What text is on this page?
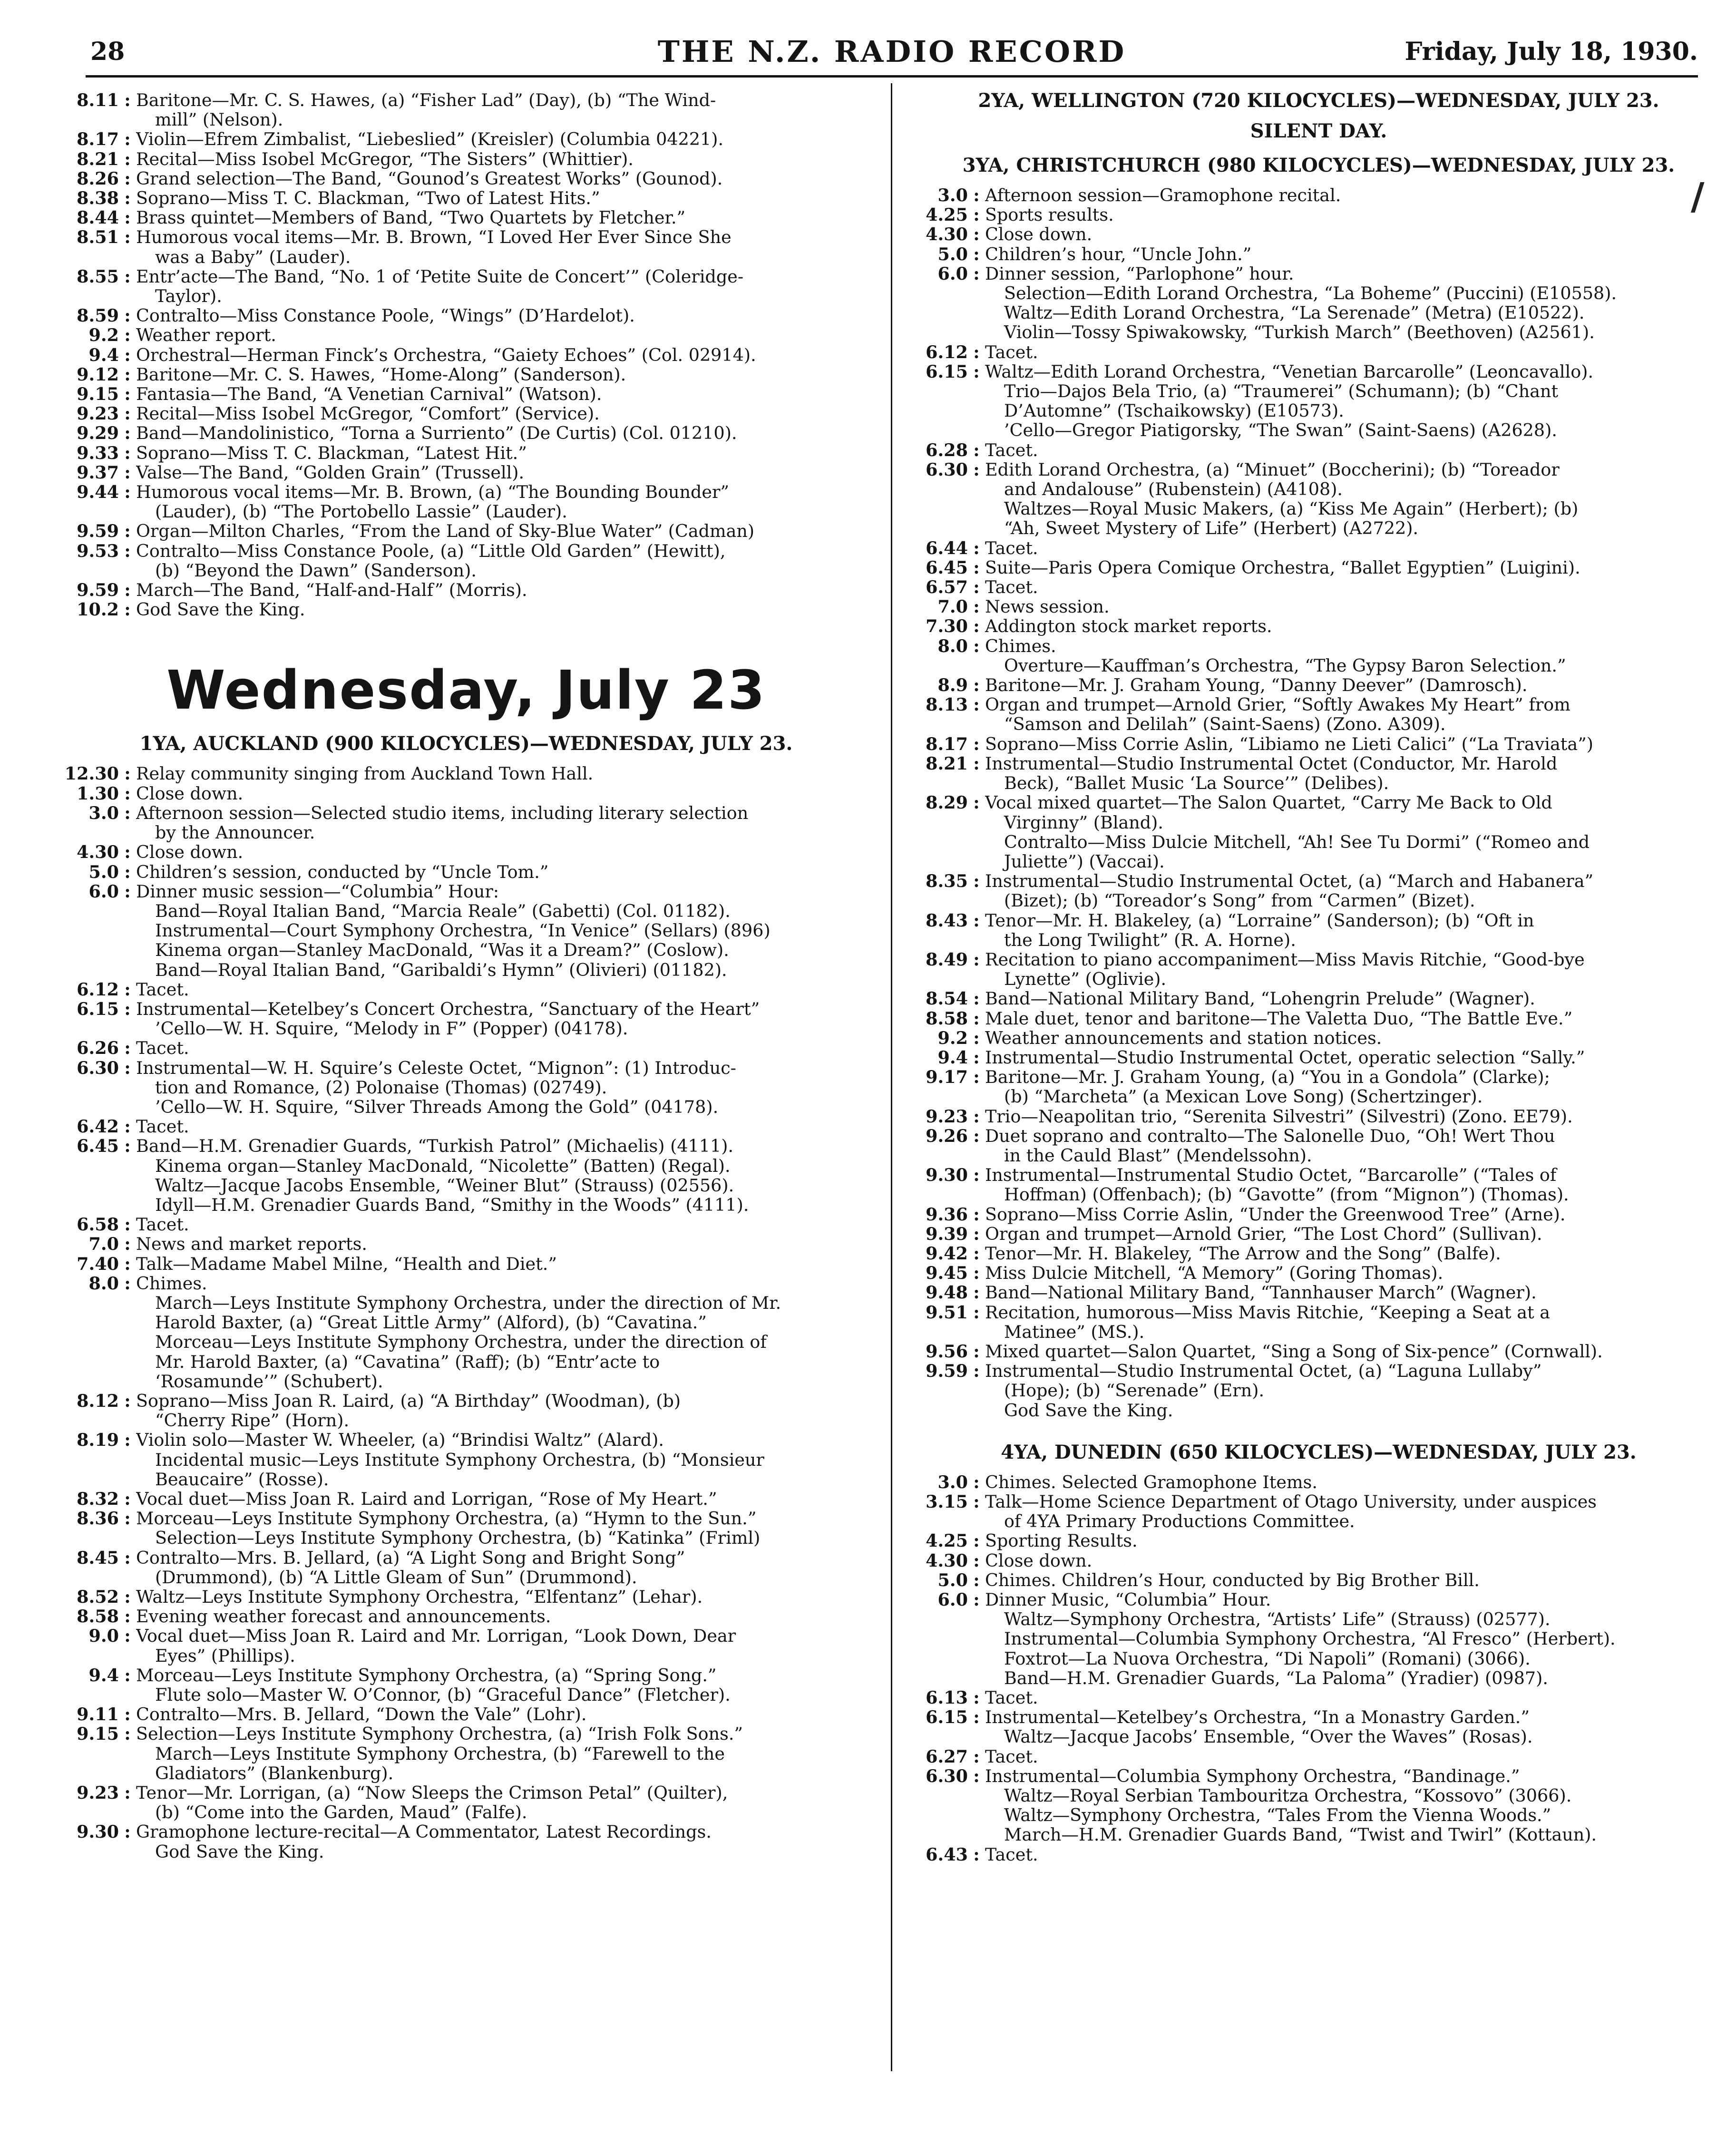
28	THE N.Z. RADIO RECORD	Friday, July 18, 1930.
8.11 : Baritone—Mr. C. S. Hawes, (a) “Fisher Lad” (Day), (b) “The Wind-
mill” (Nelson).
8.17 : Violin—Efrem Zimbalist, “Liebeslied” (Kreisler) (Columbia 04221).
8.21 : Recital—Miss Isobel McGregor, “The Sisters” (Whittier).
8.26 : Grand selection—The Band, “Gounod’s Greatest Works” (Gounod).
8.38 : Soprano—Miss T. C. Blackman, “Two of Latest Hits.”
8.44 : Brass quintet—Members of Band, “Two Quartets by Fletcher.”
8.51 : Humorous vocal items—Mr. B. Brown, “I Loved Her Ever Since She
was a Baby” (Lauder).
8.55 : Entr’acte—The Band, “No. 1 of ‘Petite Suite de Concert’” (Coleridge-
Taylor).
8.59 : Contralto—Miss Constance Poole, “Wings” (D’Hardelot).
9.2 : Weather report.
9.4 : Orchestral—Herman Finck’s Orchestra, “Gaiety Echoes” (Col. 02914).
9.12 : Baritone—Mr. C. S. Hawes, “Home-Along” (Sanderson).
9.15 : Fantasia—The Band, “A Venetian Carnival” (Watson).
9.23 : Recital—Miss Isobel McGregor, “Comfort” (Service).
9.29 : Band—Mandolinistico, “Torna a Surriento” (De Curtis) (Col. 01210).
9.33 : Soprano—Miss T. C. Blackman, “Latest Hit.”
9.37 : Valse—The Band, “Golden Grain” (Trussell).
9.44 : Humorous vocal items—Mr. B. Brown, (a) “The Bounding Bounder”
(Lauder), (b) “The Portobello Lassie” (Lauder).
9.59 : Organ—Milton Charles, “From the Land of Sky-Blue Water” (Cadman)
9.53 : Contralto—Miss Constance Poole, (a) “Little Old Garden” (Hewitt),
(b) “Beyond the Dawn” (Sanderson).
9.59 : March—The Band, “Half-and-Half” (Morris).
10.2 : God Save the King.
Wednesday, July 23
1YA, AUCKLAND (900 KILOCYCLES)—WEDNESDAY, JULY 23.
12.30 : Relay community singing from Auckland Town Hall.
1.30 : Close down.
3.0 : Afternoon session—Selected studio items, including literary selection
by the Announcer.
4.30 : Close down.
5.0 : Children’s session, conducted by “Uncle Tom.”
6.0 : Dinner music session—“Columbia” Hour:
Band—Royal Italian Band, “Marcia Reale” (Gabetti) (Col. 01182).
Instrumental—Court Symphony Orchestra, “In Venice” (Sellars) (896)
Kinema organ—Stanley MacDonald, “Was it a Dream?” (Coslow).
Band—Royal Italian Band, “Garibaldi’s Hymn” (Olivieri) (01182).
6.12 : Tacet.
6.15 : Instrumental—Ketelbey’s Concert Orchestra, “Sanctuary of the Heart”
’Cello—W. H. Squire, “Melody in F” (Popper) (04178).
6.26 : Tacet.
6.30 : Instrumental—W. H. Squire’s Celeste Octet, “Mignon”: (1) Introduc-
tion and Romance, (2) Polonaise (Thomas) (02749).
’Cello—W. H. Squire, “Silver Threads Among the Gold” (04178).
6.42 : Tacet.
6.45 : Band—H.M. Grenadier Guards, “Turkish Patrol” (Michaelis) (4111).
Kinema organ—Stanley MacDonald, “Nicolette” (Batten) (Regal).
Waltz—Jacque Jacobs Ensemble, “Weiner Blut” (Strauss) (02556).
Idyll—H.M. Grenadier Guards Band, “Smithy in the Woods” (4111).
6.58 : Tacet.
7.0 : News and market reports.
7.40 : Talk—Madame Mabel Milne, “Health and Diet.”
8.0 : Chimes.
March—Leys Institute Symphony Orchestra, under the direction of Mr.
Harold Baxter, (a) “Great Little Army” (Alford), (b) “Cavatina.”
Morceau—Leys Institute Symphony Orchestra, under the direction of
Mr. Harold Baxter, (a) “Cavatina” (Raff); (b) “Entr’acte to
‘Rosamunde’” (Schubert).
8.12 : Soprano—Miss Joan R. Laird, (a) “A Birthday” (Woodman), (b)
“Cherry Ripe” (Horn).
8.19 : Violin solo—Master W. Wheeler, (a) “Brindisi Waltz” (Alard).
Incidental music—Leys Institute Symphony Orchestra, (b) “Monsieur
Beaucaire” (Rosse).
8.32 : Vocal duet—Miss Joan R. Laird and Lorrigan, “Rose of My Heart.”
8.36 : Morceau—Leys Institute Symphony Orchestra, (a) “Hymn to the Sun.”
Selection—Leys Institute Symphony Orchestra, (b) “Katinka” (Friml)
8.45 : Contralto—Mrs. B. Jellard, (a) “A Light Song and Bright Song”
(Drummond), (b) “A Little Gleam of Sun” (Drummond).
8.52 : Waltz—Leys Institute Symphony Orchestra, “Elfentanz” (Lehar).
8.58 : Evening weather forecast and announcements.
9.0 : Vocal duet—Miss Joan R. Laird and Mr. Lorrigan, “Look Down, Dear
Eyes” (Phillips).
9.4 : Morceau—Leys Institute Symphony Orchestra, (a) “Spring Song.”
Flute solo—Master W. O’Connor, (b) “Graceful Dance” (Fletcher).
9.11 : Contralto—Mrs. B. Jellard, “Down the Vale” (Lohr).
9.15 : Selection—Leys Institute Symphony Orchestra, (a) “Irish Folk Sons.”
March—Leys Institute Symphony Orchestra, (b) “Farewell to the
Gladiators” (Blankenburg).
9.23 : Tenor—Mr. Lorrigan, (a) “Now Sleeps the Crimson Petal” (Quilter),
(b) “Come into the Garden, Maud” (Falfe).
9.30 : Gramophone lecture-recital—A Commentator, Latest Recordings.
God Save the King.
2YA, WELLINGTON (720 KILOCYCLES)—WEDNESDAY, JULY 23.
SILENT DAY.
3YA, CHRISTCHURCH (980 KILOCYCLES)—WEDNESDAY, JULY 23.
3.0 : Afternoon session—Gramophone recital.
4.25 : Sports results.
4.30 : Close down.
5.0 : Children’s hour, “Uncle John.”
6.0 : Dinner session, “Parlophone” hour.
Selection—Edith Lorand Orchestra, “La Boheme” (Puccini) (E10558).
Waltz—Edith Lorand Orchestra, “La Serenade” (Metra) (E10522).
Violin—Tossy Spiwakowsky, “Turkish March” (Beethoven) (A2561).
6.12 : Tacet.
6.15 : Waltz—Edith Lorand Orchestra, “Venetian Barcarolle” (Leoncavallo).
Trio—Dajos Bela Trio, (a) “Traumerei” (Schumann); (b) “Chant
D’Automne” (Tschaikowsky) (E10573).
’Cello—Gregor Piatigorsky, “The Swan” (Saint-Saens) (A2628).
6.28 : Tacet.
6.30 : Edith Lorand Orchestra, (a) “Minuet” (Boccherini); (b) “Toreador
and Andalouse” (Rubenstein) (A4108).
Waltzes—Royal Music Makers, (a) “Kiss Me Again” (Herbert); (b)
“Ah, Sweet Mystery of Life” (Herbert) (A2722).
6.44 : Tacet.
6.45 : Suite—Paris Opera Comique Orchestra, “Ballet Egyptien” (Luigini).
6.57 : Tacet.
7.0 : News session.
7.30 : Addington stock market reports.
8.0 : Chimes.
Overture—Kauffman’s Orchestra, “The Gypsy Baron Selection.”
8.9 : Baritone—Mr. J. Graham Young, “Danny Deever” (Damrosch).
8.13 : Organ and trumpet—Arnold Grier, “Softly Awakes My Heart” from
“Samson and Delilah” (Saint-Saens) (Zono. A309).
8.17 : Soprano—Miss Corrie Aslin, “Libiamo ne Lieti Calici” (“La Traviata”)
8.21 : Instrumental—Studio Instrumental Octet (Conductor, Mr. Harold
Beck), “Ballet Music ‘La Source’” (Delibes).
8.29 : Vocal mixed quartet—The Salon Quartet, “Carry Me Back to Old
Virginny” (Bland).
Contralto—Miss Dulcie Mitchell, “Ah! See Tu Dormi” (“Romeo and
Juliette”) (Vaccai).
8.35 : Instrumental—Studio Instrumental Octet, (a) “March and Habanera”
(Bizet); (b) “Toreador’s Song” from “Carmen” (Bizet).
8.43 : Tenor—Mr. H. Blakeley, (a) “Lorraine” (Sanderson); (b) “Oft in
the Long Twilight” (R. A. Horne).
8.49 : Recitation to piano accompaniment—Miss Mavis Ritchie, “Good-bye
Lynette” (Oglivie).
8.54 : Band—National Military Band, “Lohengrin Prelude” (Wagner).
8.58 : Male duet, tenor and baritone—The Valetta Duo, “The Battle Eve.”
9.2 : Weather announcements and station notices.
9.4 : Instrumental—Studio Instrumental Octet, operatic selection “Sally.”
9.17 : Baritone—Mr. J. Graham Young, (a) “You in a Gondola” (Clarke);
(b) “Marcheta” (a Mexican Love Song) (Schertzinger).
9.23 : Trio—Neapolitan trio, “Serenita Silvestri” (Silvestri) (Zono. EE79).
9.26 : Duet soprano and contralto—The Salonelle Duo, “Oh! Wert Thou
in the Cauld Blast” (Mendelssohn).
9.30 : Instrumental—Instrumental Studio Octet, “Barcarolle” (“Tales of
Hoffman) (Offenbach); (b) “Gavotte” (from “Mignon”) (Thomas).
9.36 : Soprano—Miss Corrie Aslin, “Under the Greenwood Tree” (Arne).
9.39 : Organ and trumpet—Arnold Grier, “The Lost Chord” (Sullivan).
9.42 : Tenor—Mr. H. Blakeley, “The Arrow and the Song” (Balfe).
9.45 : Miss Dulcie Mitchell, “A Memory” (Goring Thomas).
9.48 : Band—National Military Band, “Tannhauser March” (Wagner).
9.51 : Recitation, humorous—Miss Mavis Ritchie, “Keeping a Seat at a
Matinee” (MS.).
9.56 : Mixed quartet—Salon Quartet, “Sing a Song of Six-pence” (Cornwall).
9.59 : Instrumental—Studio Instrumental Octet, (a) “Laguna Lullaby”
(Hope); (b) “Serenade” (Ern).
God Save the King.
4YA, DUNEDIN (650 KILOCYCLES)—WEDNESDAY, JULY 23.
3.0 : Chimes. Selected Gramophone Items.
3.15 : Talk—Home Science Department of Otago University, under auspices
of 4YA Primary Productions Committee.
4.25 : Sporting Results.
4.30 : Close down.
5.0 : Chimes. Children’s Hour, conducted by Big Brother Bill.
6.0 : Dinner Music, “Columbia” Hour.
Waltz—Symphony Orchestra, “Artists’ Life” (Strauss) (02577).
Instrumental—Columbia Symphony Orchestra, “Al Fresco” (Herbert).
Foxtrot—La Nuova Orchestra, “Di Napoli” (Romani) (3066).
Band—H.M. Grenadier Guards, “La Paloma” (Yradier) (0987).
6.13 : Tacet.
6.15 : Instrumental—Ketelbey’s Orchestra, “In a Monastry Garden.”
Waltz—Jacque Jacobs’ Ensemble, “Over the Waves” (Rosas).
6.27 : Tacet.
6.30 : Instrumental—Columbia Symphony Orchestra, “Bandinage.”
Waltz—Royal Serbian Tambouritza Orchestra, “Kossovo” (3066).
Waltz—Symphony Orchestra, “Tales From the Vienna Woods.”
March—H.M. Grenadier Guards Band, “Twist and Twirl” (Kottaun).
6.43 : Tacet.
/
